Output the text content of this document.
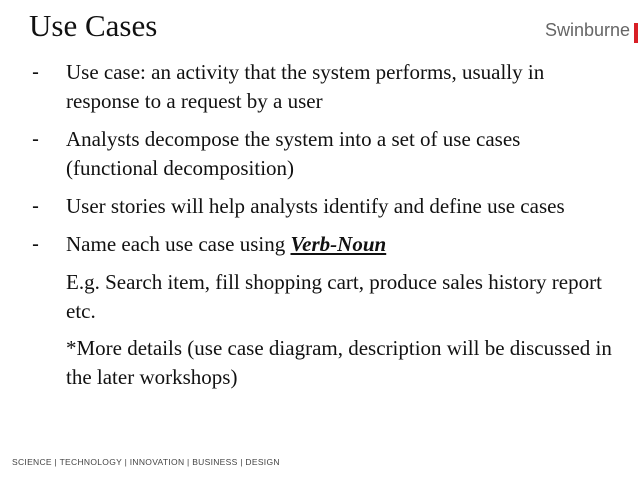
Use Cases	Swinburne
-	Use case: an activity that the system performs, usually in response to a request by a user
-	Analysts decompose the system into a set of use cases (functional decomposition)
-	User stories will help analysts identify and define use cases
-	Name each use case using Verb-Noun
E.g. Search item, fill shopping cart, produce sales history report etc.
*More details (use case diagram, description will be discussed in the later workshops)
SCIENCE | TECHNOLOGY | INNOVATION | BUSINESS | DESIGN
